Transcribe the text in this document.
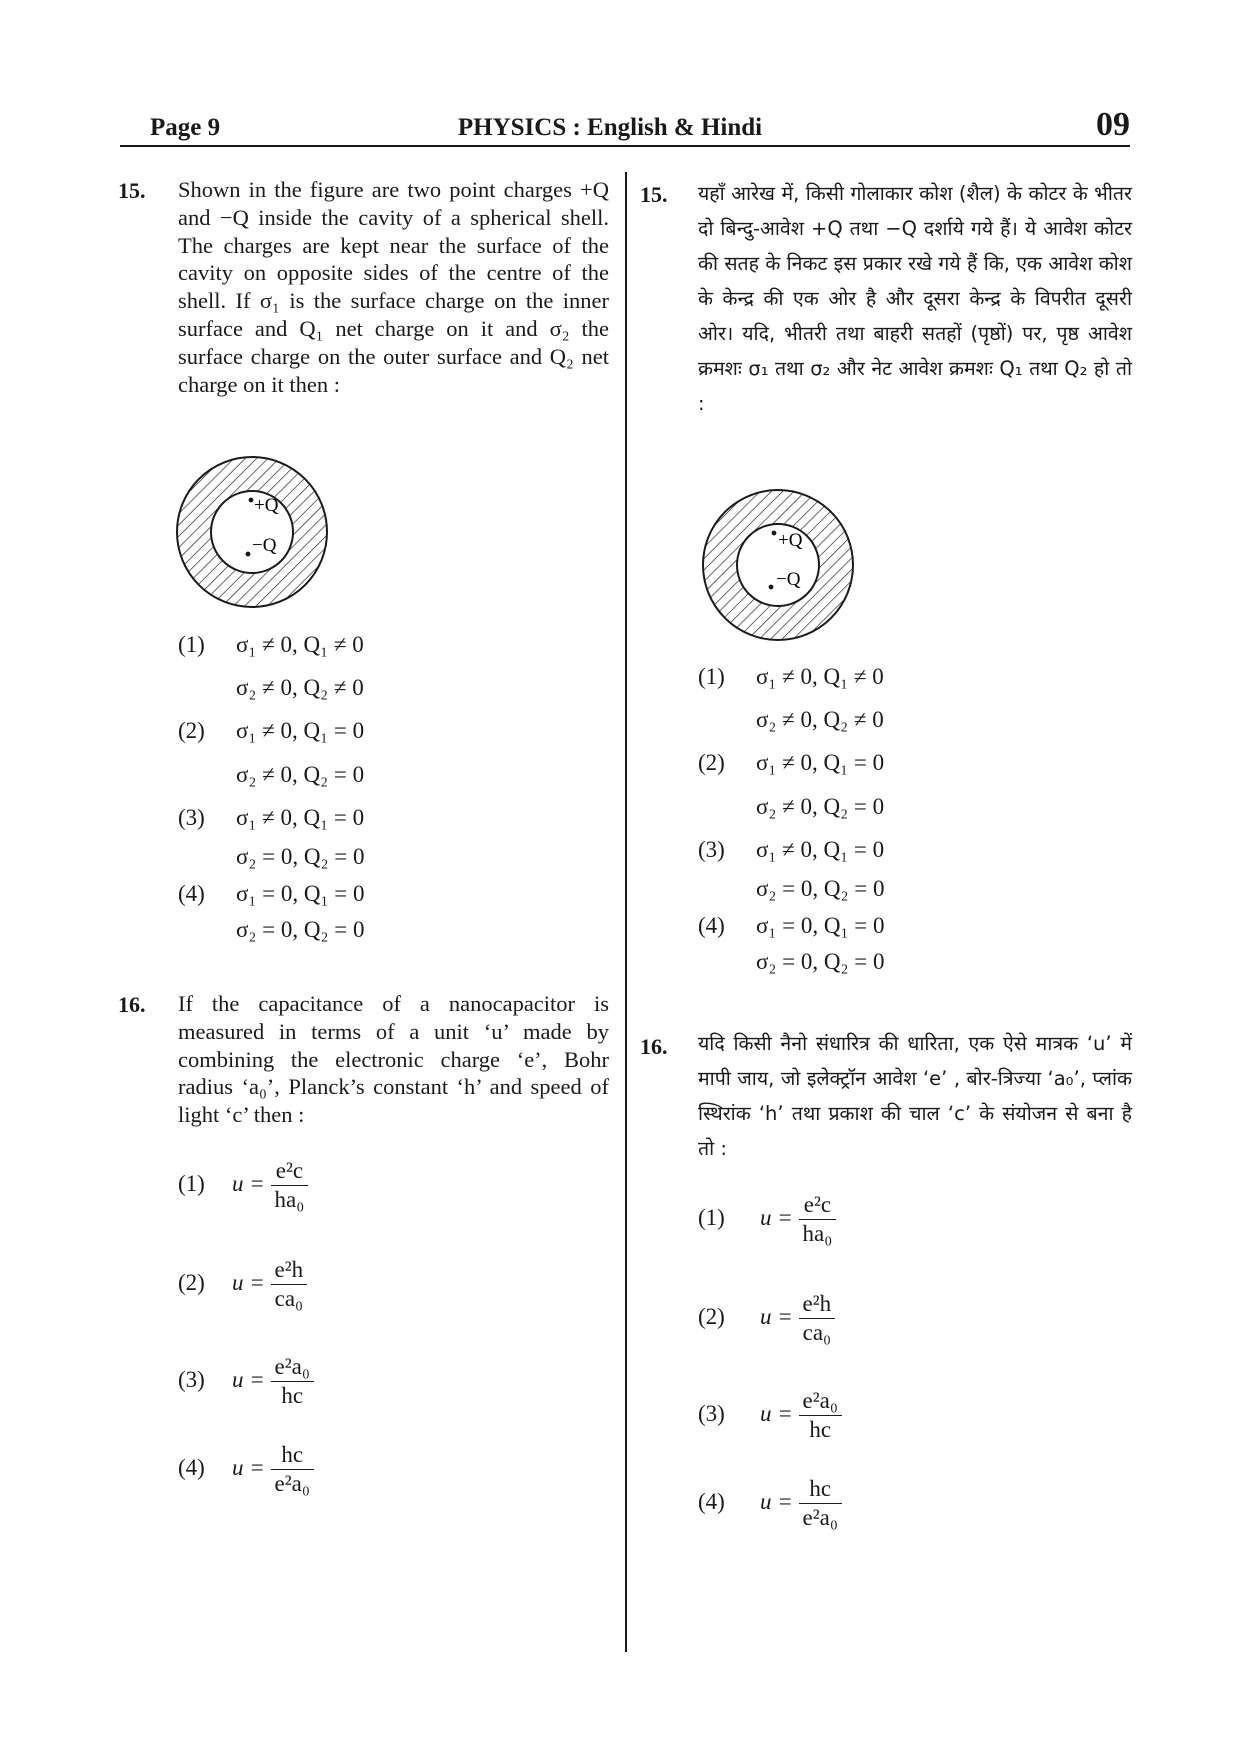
Page 9	PHYSICS : English & Hindi	09
15. Shown in the figure are two point charges +Q and −Q inside the cavity of a spherical shell. The charges are kept near the surface of the cavity on opposite sides of the centre of the shell. If σ₁ is the surface charge on the inner surface and Q₁ net charge on it and σ₂ the surface charge on the outer surface and Q₂ net charge on it then :

+Q
−Q
(1) σ₁ ≠ 0, Q₁ ≠ 0
σ₂ ≠ 0, Q₂ ≠ 0
(2) σ₁ ≠ 0, Q₁ = 0
σ₂ ≠ 0, Q₂ = 0
(3) σ₁ ≠ 0, Q₁ = 0
σ₂ = 0, Q₂ = 0
(4) σ₁ = 0, Q₁ = 0
σ₂ = 0, Q₂ = 0
16. If the capacitance of a nanocapacitor is measured in terms of a unit ‘u’ made by combining the electronic charge ‘e’, Bohr radius ‘a₀’, Planck’s constant ‘h’ and speed of light ‘c’ then :

(1) $u = \frac{\text{e²c}}{\text{ha₀}}$
(2) $u = \frac{\text{e²h}}{\text{ca₀}}$
(3) $u = \frac{\text{e²a₀}}{hc}$
(4) $u = \frac{hc}{\text{e²a₀}}$
15. यहाँ आरेख में, किसी गोलाकार कोश (शैल) के कोटर के भीतर दो बिन्दु-आवेश +Q तथा −Q दर्शाये गये हैं। ये आवेश कोटर की सतह के निकट इस प्रकार रखे गये हैं कि, एक आवेश कोश के केन्द्र की एक ओर है और दूसरा केन्द्र के विपरीत दूसरी ओर। यदि, भीतरी तथा बाहरी सतहों (पृष्ठों) पर, पृष्ठ आवेश क्रमशः σ₁ तथा σ₂ और नेट आवेश क्रमशः Q₁ तथा Q₂ हो तो :

+Q
−Q
(1) σ₁ ≠ 0, Q₁ ≠ 0
σ₂ ≠ 0, Q₂ ≠ 0
(2) σ₁ ≠ 0, Q₁ = 0
σ₂ ≠ 0, Q₂ = 0
(3) σ₁ ≠ 0, Q₁ = 0
σ₂ = 0, Q₂ = 0
(4) σ₁ = 0, Q₁ = 0
σ₂ = 0, Q₂ = 0
16. यदि किसी नैनो संधारित्र की धारिता, एक ऐसे मात्रक ‘u’ में मापी जाय, जो इलेक्ट्रॉन आवेश ‘e’ , बोर-त्रिज्या ‘a₀’, प्लांक स्थिरांक ‘h’ तथा प्रकाश की चाल ‘c’ के संयोजन से बना है तो :

(1) $u = \frac{\text{e²c}}{\text{ha₀}}$
(2) $u = \frac{\text{e²h}}{\text{ca₀}}$
(3) $u = \frac{\text{e²a₀}}{hc}$
(4) $u = \frac{hc}{\text{e²a₀}}$
